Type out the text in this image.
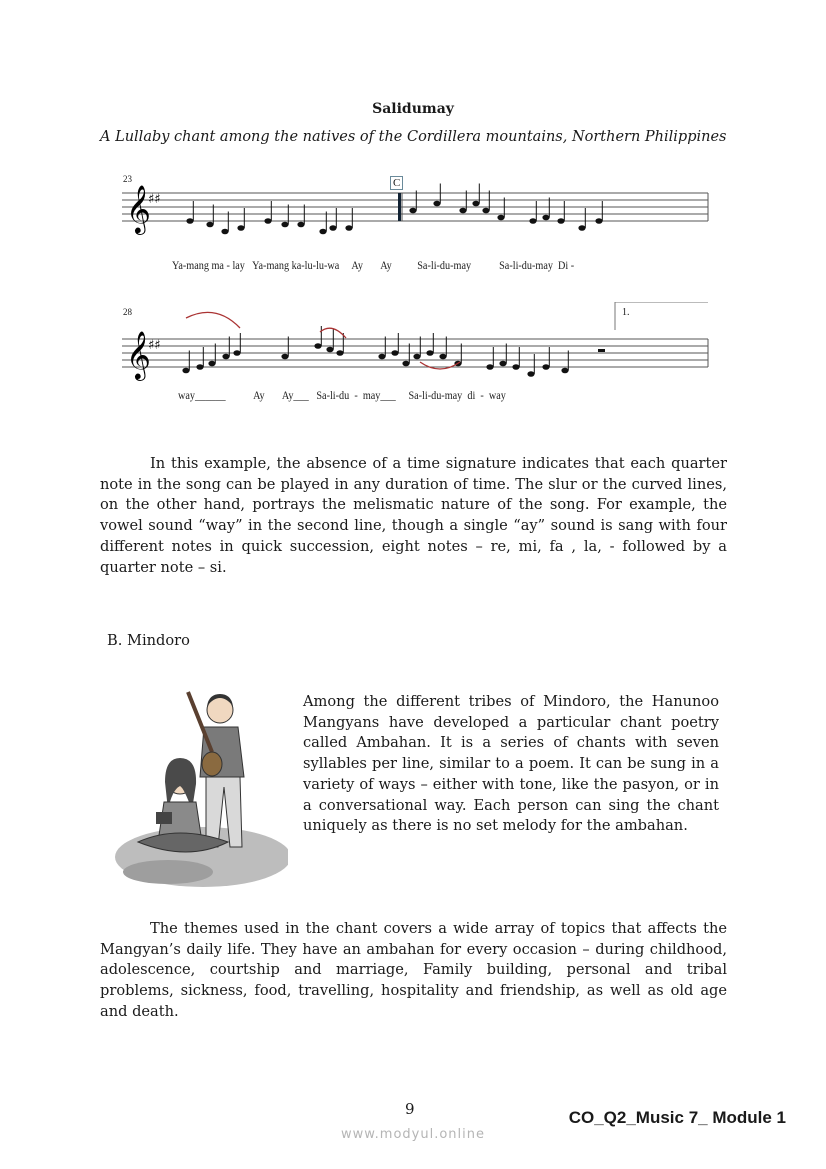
Salidumay
A Lullaby chant among the natives of the Cordillera mountains, Northern Philippines
𝄞
♯♯
23	C
Ya-mang ma - lay   Ya-mang ka-lu-lu-wa     Ay       Ay          Sa-li-du-may           Sa-li-du-may  Di -
𝄞
♯♯
28	1.
way______           Ay       Ay___   Sa-li-du  -  may___     Sa-li-du-may  di  -  way
In this example, the absence of a time signature indicates that each quarter note in the song can be played in any duration of time. The slur or the curved lines, on the other hand, portrays the melismatic nature of the song. For example, the vowel sound “way” in the second line, though a single “ay” sound is sang with four different notes in quick succession, eight notes – re, mi, fa , la, - followed by a quarter note – si.
B. Mindoro
Among the different tribes of Mindoro, the Hanunoo Mangyans have developed a particular chant poetry called Ambahan. It is a series of chants with seven syllables per line, similar to a poem. It can be sung in a variety of ways – either with tone, like the pasyon, or in a conversational way. Each person can sing the chant uniquely as there is no set melody for the ambahan.
The themes used in the chant covers a wide array of topics that affects the Mangyan’s daily life. They have an ambahan for every occasion – during childhood, adolescence, courtship and marriage, Family building, personal and tribal problems, sickness, food, travelling, hospitality and friendship, as well as old age and death.
9	CO_Q2_Music 7_ Module 1
www.modyul.online
